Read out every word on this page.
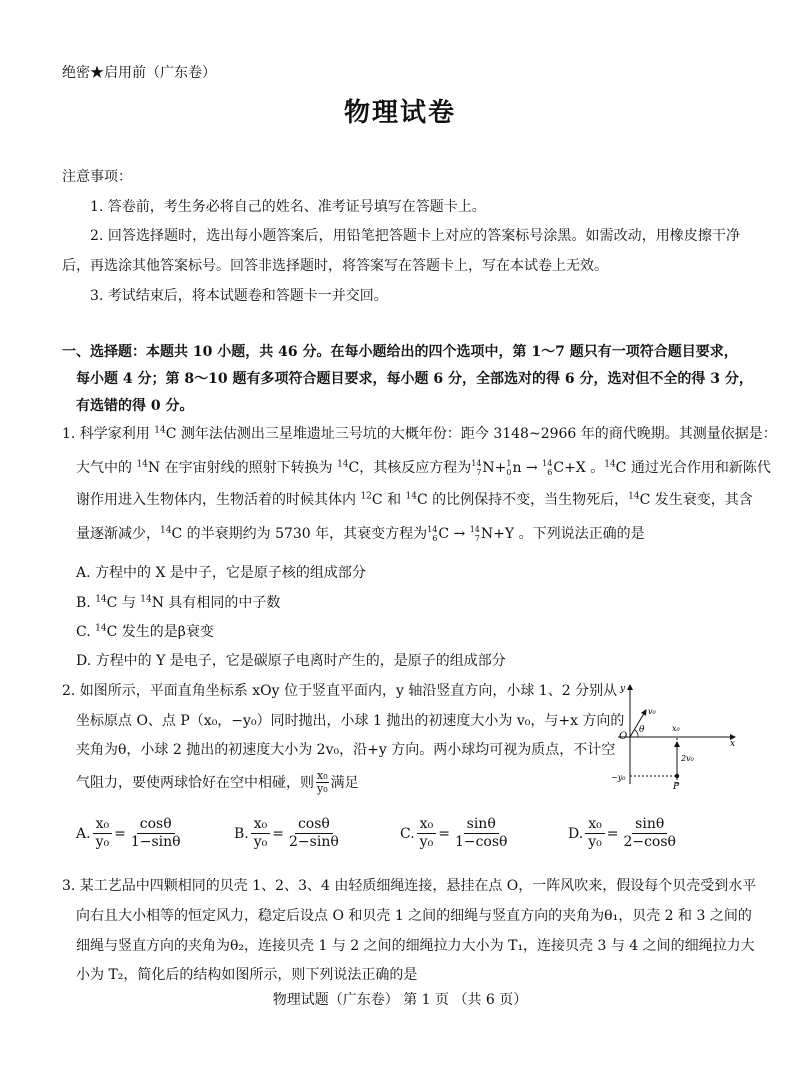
绝密★启用前（广东卷）
物理试卷
注意事项：
1. 答卷前，考生务必将自己的姓名、准考证号填写在答题卡上。
2. 回答选择题时，选出每小题答案后，用铅笔把答题卡上对应的答案标号涂黑。如需改动，用橡皮擦干净
后，再选涂其他答案标号。回答非选择题时，将答案写在答题卡上，写在本试卷上无效。
3. 考试结束后，将本试题卷和答题卡一并交回。
一、选择题：本题共 10 小题，共 46 分。在每小题给出的四个选项中，第 1～7 题只有一项符合题目要求，
每小题 4 分；第 8～10 题有多项符合题目要求，每小题 6 分，全部选对的得 6 分，选对但不全的得 3 分，
有选错的得 0 分。
1. 科学家利用 $^{14}$C 测年法估测出三星堆遗址三号坑的大概年份：距今 3148~2966 年的商代晚期。其测量依据是：
大气中的 $^{14}$N 在宇宙射线的照射下转换为 $^{14}$C，其核反应方程为 14
7 N+ 1
0 n → 14
6 C+X 。$^{14}$C 通过光合作用和新陈代
谢作用进入生物体内，生物活着的时候其体内 $^{12}$C 和 $^{14}$C 的比例保持不变，当生物死后，$^{14}$C 发生衰变，其含
量逐渐减少，$^{14}$C 的半衰期约为 5730 年，其衰变方程为 14
6 C → 14
7 N+Y 。下列说法正确的是
A. 方程中的 X 是中子，它是原子核的组成部分
B. $^{14}$C 与 $^{14}$N 具有相同的中子数
C. $^{14}$C 发生的是β衰变
D. 方程中的 Y 是电子，它是碳原子电离时产生的，是原子的组成部分
2. 如图所示，平面直角坐标系 xOy 位于竖直平面内，y 轴沿竖直方向，小球 1、2 分别从
坐标原点 O、点 P（x₀，−y₀）同时抛出，小球 1 抛出的初速度大小为 v₀，与+x 方向的
夹角为θ，小球 2 抛出的初速度大小为 2v₀，沿+y 方向。两小球均可视为质点，不计空
气阻力，要使两球恰好在空中相碰，则 $\frac{\text{x₀}}{\text{y₀}}$ 满足
y
x
O
v₀
θ	x₀
2v₀
−y₀
P
A. $\frac{\text{x₀}}{\text{y₀}} = \frac{\cos\theta}{1-\sin\theta}$	B. $\frac{\text{x₀}}{\text{y₀}} = \frac{\cos\theta}{2-\sin\theta}$	C. $\frac{\text{x₀}}{\text{y₀}} = \frac{\sin\theta}{1-\cos\theta}$	D. $\frac{\text{x₀}}{\text{y₀}} = \frac{\sin\theta}{2-\cos\theta}$
3. 某工艺品中四颗相同的贝壳 1、2、3、4 由轻质细绳连接，悬挂在点 O，一阵风吹来，假设每个贝壳受到水平
向右且大小相等的恒定风力，稳定后设点 O 和贝壳 1 之间的细绳与竖直方向的夹角为θ₁，贝壳 2 和 3 之间的
细绳与竖直方向的夹角为θ₂，连接贝壳 1 与 2 之间的细绳拉力大小为 T₁，连接贝壳 3 与 4 之间的细绳拉力大
小为 T₂，简化后的结构如图所示，则下列说法正确的是
物理试题（广东卷） 第 1 页 （共 6 页）
